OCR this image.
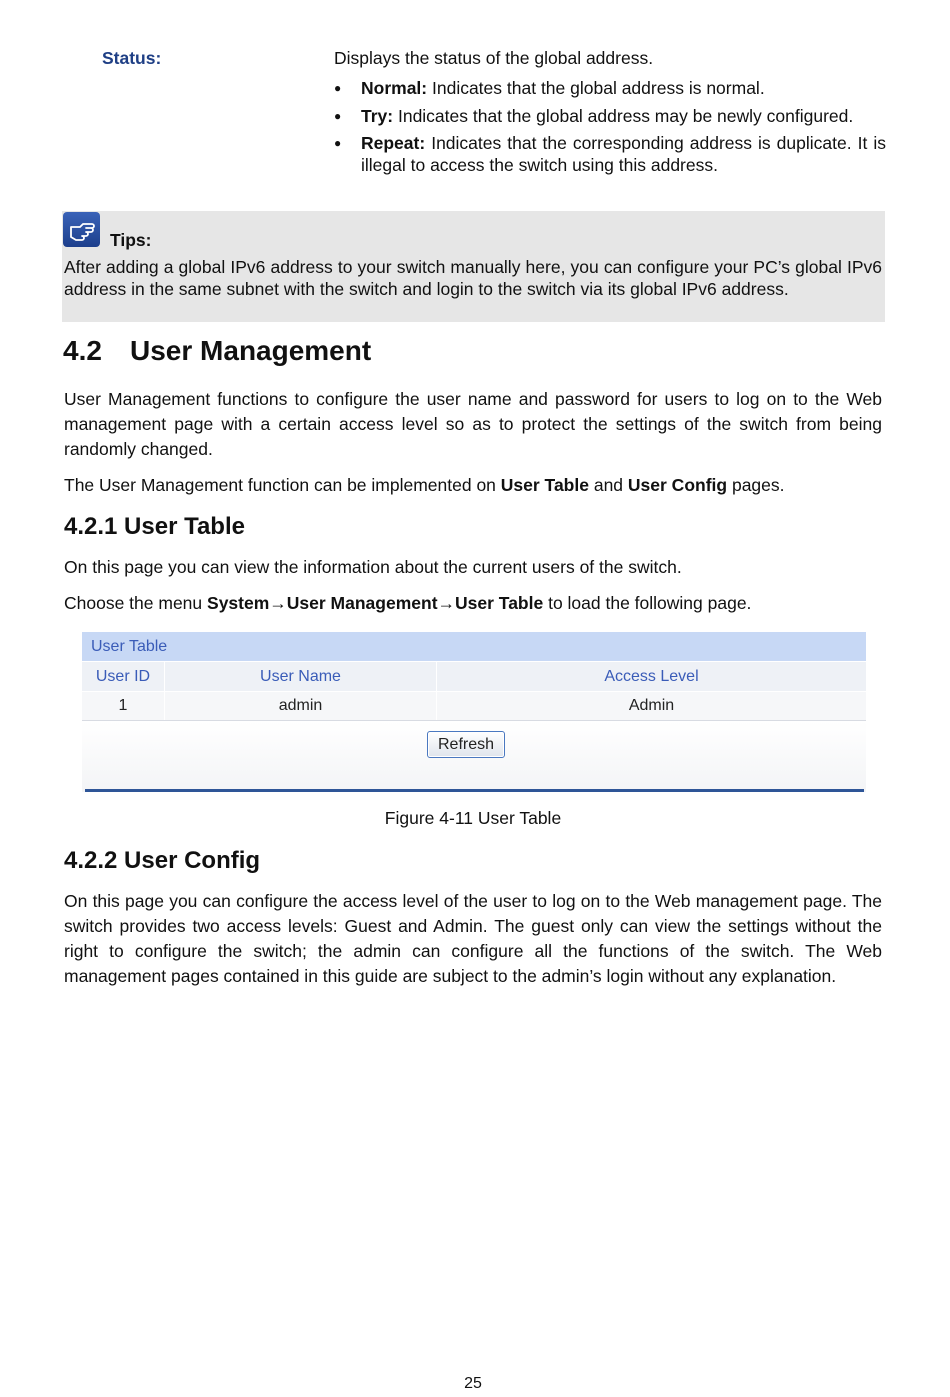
Status:	Displays the status of the global address.
● Normal: Indicates that the global address is normal.
● Try: Indicates that the global address may be newly configured.
● Repeat: Indicates that the corresponding address is duplicate. It is illegal to access the switch using this address.
Tips:
After adding a global IPv6 address to your switch manually here, you can configure your PC’s global IPv6 address in the same subnet with the switch and login to the switch via its global IPv6 address.
4.2 User Management
User Management functions to configure the user name and password for users to log on to the Web management page with a certain access level so as to protect the settings of the switch from being randomly changed.
The User Management function can be implemented on User Table and User Config pages.
4.2.1 User Table
On this page you can view the information about the current users of the switch.
Choose the menu System→User Management→User Table to load the following page.
User Table
User ID	User Name	Access Level
1	admin	Admin
Refresh
Figure 4-11 User Table
4.2.2 User Config
On this page you can configure the access level of the user to log on to the Web management page. The switch provides two access levels: Guest and Admin. The guest only can view the settings without the right to configure the switch; the admin can configure all the functions of the switch. The Web management pages contained in this guide are subject to the admin’s login without any explanation.
25
